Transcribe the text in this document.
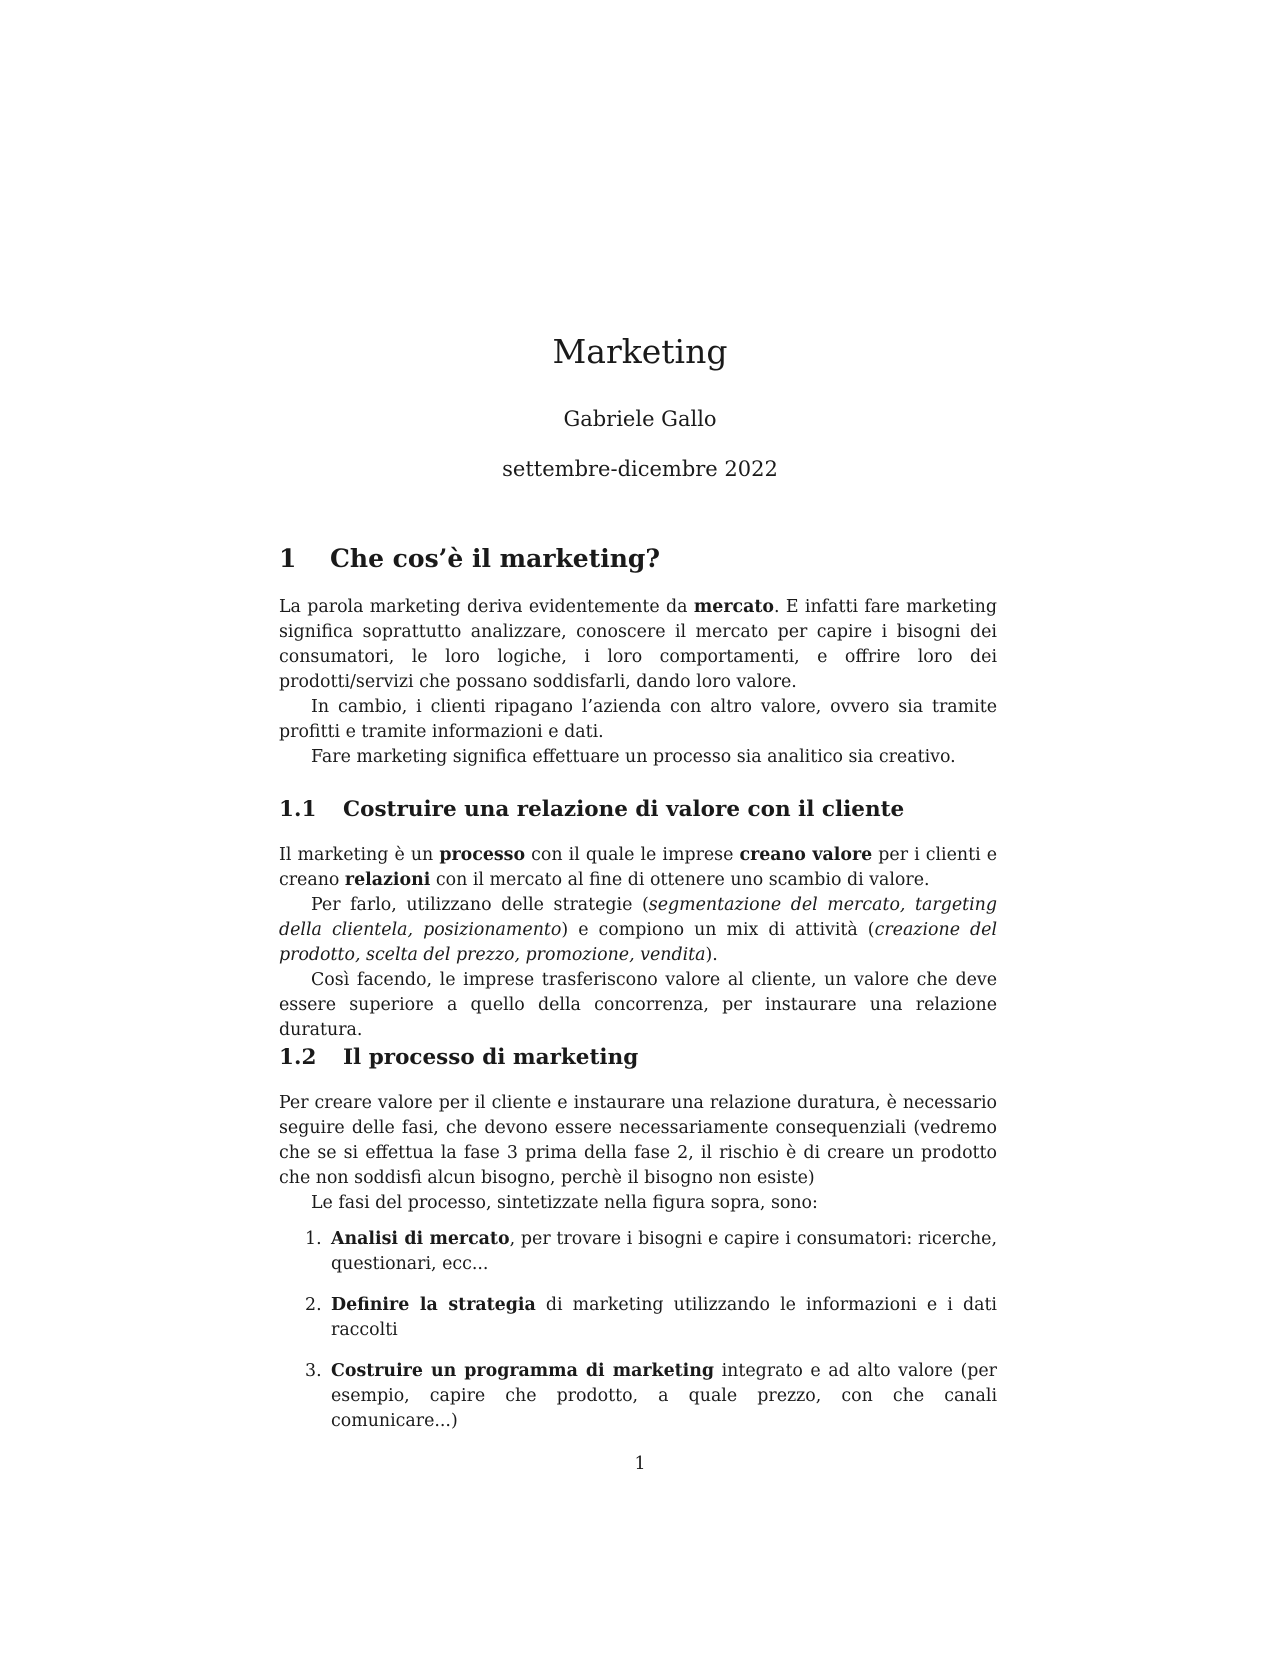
Marketing
Gabriele Gallo
settembre-dicembre 2022
1 Che cos’è il marketing?

La parola marketing deriva evidentemente da mercato. E infatti fare marketing significa soprattutto analizzare, conoscere il mercato per capire i bisogni dei consumatori, le loro logiche, i loro comportamenti, e offrire loro dei prodotti/servizi che possano soddisfarli, dando loro valore.

In cambio, i clienti ripagano l’azienda con altro valore, ovvero sia tramite profitti e tramite informazioni e dati.

Fare marketing significa effettuare un processo sia analitico sia creativo.

1.1 Costruire una relazione di valore con il cliente

Il marketing è un processo con il quale le imprese creano valore per i clienti e creano relazioni con il mercato al fine di ottenere uno scambio di valore.

Per farlo, utilizzano delle strategie (segmentazione del mercato, targeting della clientela, posizionamento) e compiono un mix di attività (creazione del prodotto, scelta del prezzo, promozione, vendita).

Così facendo, le imprese trasferiscono valore al cliente, un valore che deve essere superiore a quello della concorrenza, per instaurare una relazione duratura.

1.2 Il processo di marketing

Per creare valore per il cliente e instaurare una relazione duratura, è necessario seguire delle fasi, che devono essere necessariamente consequenziali (vedremo che se si effettua la fase 3 prima della fase 2, il rischio è di creare un prodotto che non soddisfi alcun bisogno, perchè il bisogno non esiste)

Le fasi del processo, sintetizzate nella figura sopra, sono:

1. Analisi di mercato, per trovare i bisogni e capire i consumatori: ricerche, questionari, ecc...
2. Definire la strategia di marketing utilizzando le informazioni e i dati raccolti
3. Costruire un programma di marketing integrato e ad alto valore (per esempio, capire che prodotto, a quale prezzo, con che canali comunicare...)
1
